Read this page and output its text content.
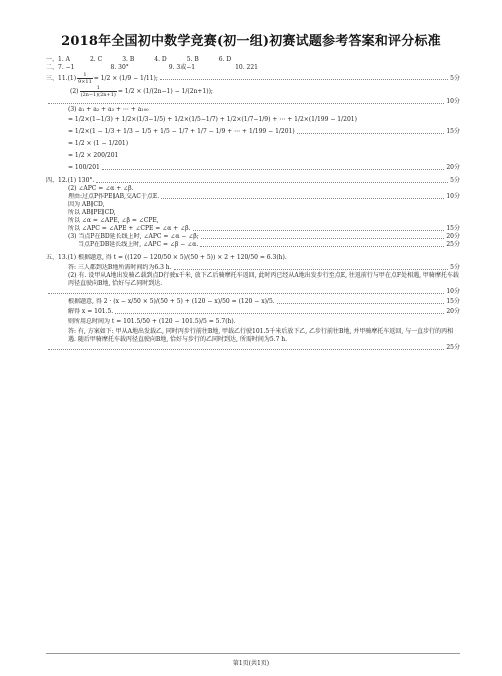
2018年全国初中数学竞赛(初一组)初赛试题参考答案和评分标准
一、 1. A	2. C	3. B	4. D	5. B	6. D
二、 7. −1	8. 30°	9. 3或−1	10. 221
三、11. $(1) \frac{1}{9\times 11} = 1/2 \times (1/9 - 1/11)$;	5分
$(2) \frac{1}{(2n-1)(2n+1)} = 1/2 \times (1/(2n-1) - 1/(2n+1))$;
10分
(3) a₁ + a₂ + a₃ + ⋯ + a₁₀₀
= 1/2×(1−1/3) + 1/2×(1/3−1/5) + 1/2×(1/5−1/7) + 1/2×(1/7−1/9) + ⋯ + 1/2×(1/199 − 1/201)
= 1/2×(1 − 1/3 + 1/3 − 1/5 + 1/5 − 1/7 + 1/7 − 1/9 + ⋯ + 1/199 − 1/201)	15分
= 1/2 × (1 − 1/201)
= 1/2 × 200/201
= 100/201	20分
四、12. (1) 130°.	5分
(2) ∠APC = ∠α + ∠β.
理由:过点P作PE∥AB,交AC于点E.	10分
因为 AB∥CD,
所以 AB∥PE∥CD,
所以 ∠α = ∠APE, ∠β = ∠CPE,
所以 ∠APC = ∠APE + ∠CPE = ∠α + ∠β.	15分
(3) 当点P在BD延长线上时, ∠APC = ∠α − ∠β;	20分
当点P在DB延长线上时, ∠APC = ∠β − ∠α.	25分
五、13. (1) 根据题意, 得 t = ((120 − 120/50 × 5)/(50 + 5)) × 2 + 120/50 = 6.3(h).
答: 三人都到达B地所需时间约为6.3 h.	5分
(2) 有. 设甲从A地出发骑乙载到点D行驶x千米, 放下乙后骑摩托车返回, 此时丙已经从A地出发步行至点E, 往返前行与甲在点F处相遇, 甲骑摩托车载丙径直驶向B地, 恰好与乙同时到达.
10分
根据题意, 得 2 · (x − x/50 × 5)/(50 + 5) + (120 − x)/50 = (120 − x)/5.	15分
解得 x = 101.5.	20分
则所用总时间为 t = 101.5/50 + (120 − 101.5)/5 = 5.7(h).
答: 有, 方案如下: 甲从A地出发载乙, 同时丙步行前往B地, 甲载乙行驶101.5千米后放下乙, 乙步行前往B地, 并甲骑摩托车返回, 与一直步行的丙相遇. 随后甲骑摩托车载丙径直驶向B地, 恰好与步行的乙同时到达, 所需时间为5.7 h.
25分
第1页(共1页)
